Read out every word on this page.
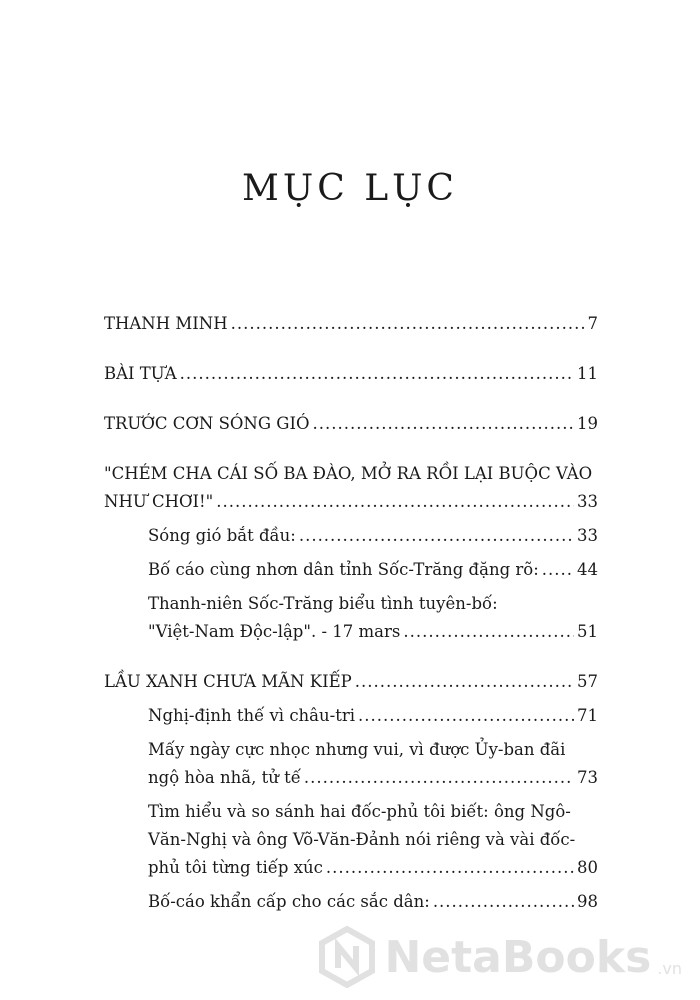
MỤC LỤC
THANH MINH .....	7
BÀI TỰA .....	11
TRƯỚC CƠN SÓNG GIÓ .....	19
"CHÉM CHA CÁI SỐ BA ĐÀO, MỞ RA RỒI LẠI BUỘC VÀO
NHƯ CHƠI!" .....	33
Sóng gió bắt đầu: .....	33
Bố cáo cùng nhơn dân tỉnh Sốc-Trăng đặng rõ: ..... 44
Thanh-niên Sốc-Trăng biểu tình tuyên-bố:
"Việt-Nam Độc-lập". - 17 mars .....	51
LẦU XANH CHƯA MÃN KIẾP .....	57
Nghị-định thế vì châu-tri .....	71
Mấy ngày cực nhọc nhưng vui, vì được Ủy-ban đãi
ngộ hòa nhã, tử tế .....	73
Tìm hiểu và so sánh hai đốc-phủ tôi biết: ông Ngô-
Văn-Nghị và ông Võ-Văn-Đảnh nói riêng và vài đốc-
phủ tôi từng tiếp xúc .....	80
Bố-cáo khẩn cấp cho các sắc dân: .....	98
NetaBooks .vn
